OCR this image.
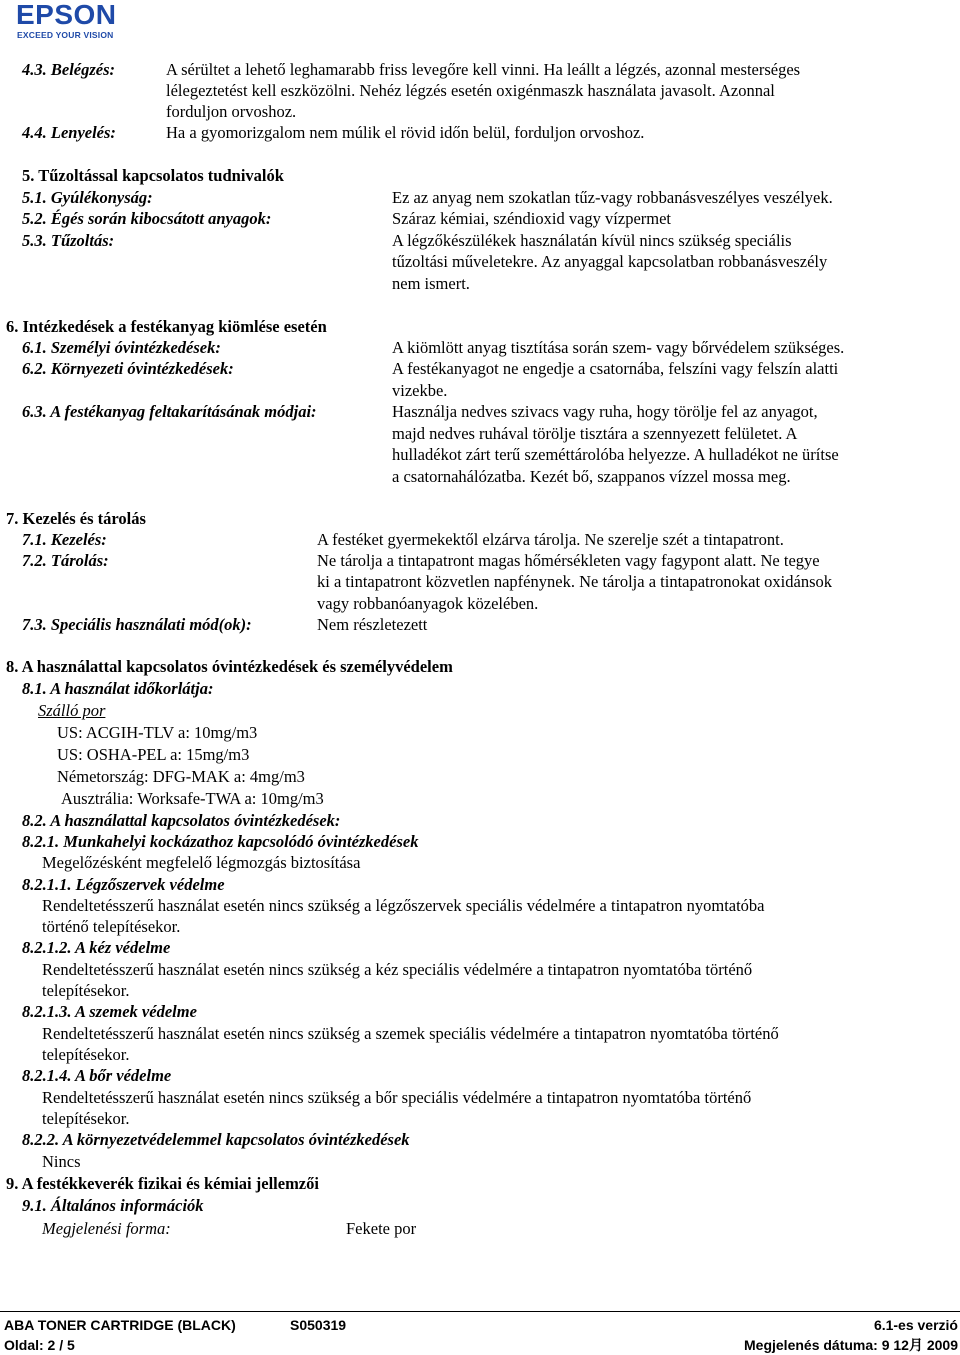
EPSON
EXCEED YOUR VISION
4.3. Belégzés:	A sérültet a lehető leghamarabb friss levegőre kell vinni. Ha leállt a légzés, azonnal mesterséges
lélegeztetést kell eszközölni. Nehéz légzés esetén oxigénmaszk használata javasolt. Azonnal
forduljon orvoshoz.
4.4. Lenyelés:	Ha a gyomorizgalom nem múlik el rövid időn belül, forduljon orvoshoz.
5. Tűzoltással kapcsolatos tudnivalók
5.1. Gyúlékonyság:	Ez az anyag nem szokatlan tűz-vagy robbanásveszélyes veszélyek.
5.2. Égés során kibocsátott anyagok:	Száraz kémiai, széndioxid vagy vízpermet
5.3. Tűzoltás:	A légzőkészülékek használatán kívül nincs szükség speciális
tűzoltási műveletekre. Az anyaggal kapcsolatban robbanásveszély
nem ismert.
6. Intézkedések a festékanyag kiömlése esetén
6.1. Személyi óvintézkedések:	A kiömlött anyag tisztítása során szem- vagy bőrvédelem szükséges.
6.2. Környezeti óvintézkedések:	A festékanyagot ne engedje a csatornába, felszíni vagy felszín alatti
vizekbe.
6.3. A festékanyag feltakarításának módjai:	Használja nedves szivacs vagy ruha, hogy törölje fel az anyagot,
majd nedves ruhával törölje tisztára a szennyezett felületet. A
hulladékot zárt terű szeméttárolóba helyezze. A hulladékot ne ürítse
a csatornahálózatba. Kezét bő, szappanos vízzel mossa meg.
7. Kezelés és tárolás
7.1. Kezelés:	A festéket gyermekektől elzárva tárolja. Ne szerelje szét a tintapatront.
7.2. Tárolás:	Ne tárolja a tintapatront magas hőmérsékleten vagy fagypont alatt. Ne tegye
ki a tintapatront közvetlen napfénynek. Ne tárolja a tintapatronokat oxidánsok
vagy robbanóanyagok közelében.
7.3. Speciális használati mód(ok):	Nem részletezett
8. A használattal kapcsolatos óvintézkedések és személyvédelem
8.1. A használat időkorlátja:
Szálló por
US: ACGIH-TLV a: 10mg/m3
US: OSHA-PEL a: 15mg/m3
Németország: DFG-MAK a: 4mg/m3
Ausztrália: Worksafe-TWA a: 10mg/m3
8.2. A használattal kapcsolatos óvintézkedések:
8.2.1. Munkahelyi kockázathoz kapcsolódó óvintézkedések
Megelőzésként megfelelő légmozgás biztosítása
8.2.1.1. Légzőszervek védelme
Rendeltetésszerű használat esetén nincs szükség a légzőszervek speciális védelmére a tintapatron nyomtatóba
történő telepítésekor.
8.2.1.2. A kéz védelme
Rendeltetésszerű használat esetén nincs szükség a kéz speciális védelmére a tintapatron nyomtatóba történő
telepítésekor.
8.2.1.3. A szemek védelme
Rendeltetésszerű használat esetén nincs szükség a szemek speciális védelmére a tintapatron nyomtatóba történő
telepítésekor.
8.2.1.4. A bőr védelme
Rendeltetésszerű használat esetén nincs szükség a bőr speciális védelmére a tintapatron nyomtatóba történő
telepítésekor.
8.2.2. A környezetvédelemmel kapcsolatos óvintézkedések
Nincs
9. A festékkeverék fizikai és kémiai jellemzői
9.1. Általános információk
Megjelenési forma:	Fekete por
ABA TONER CARTRIDGE (BLACK)	S050319	6.1-es verzió
Oldal: 2 / 5	Megjelenés dátuma: 9 12月 2009
